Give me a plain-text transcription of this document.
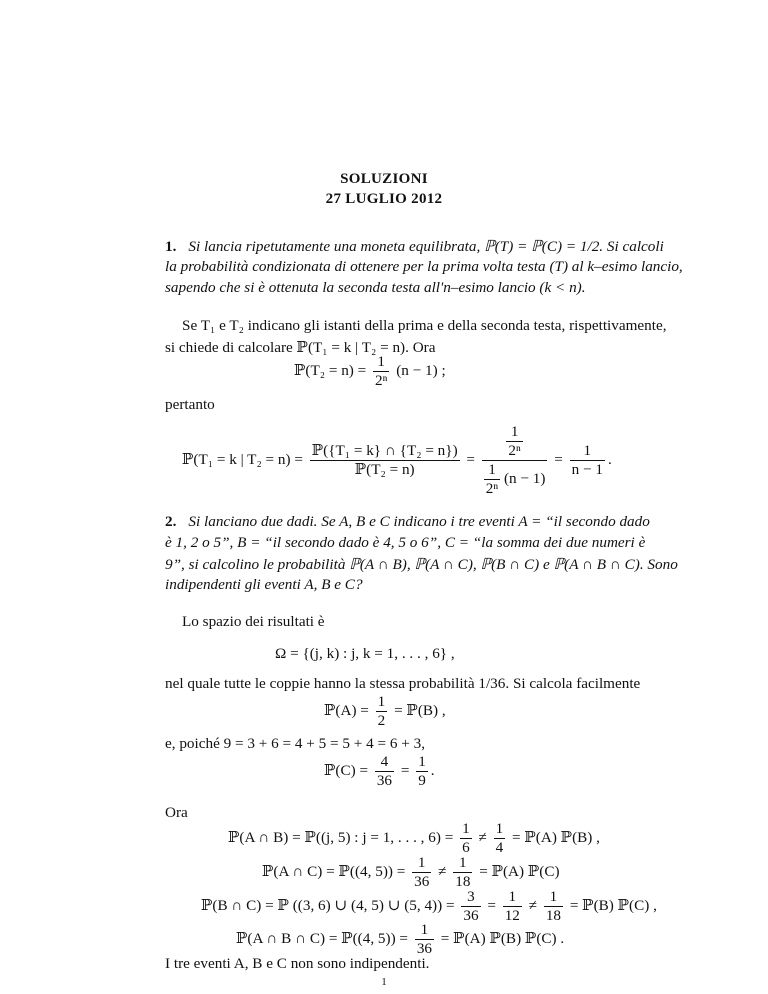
SOLUZIONI
27 LUGLIO 2012
1. Si lancia ripetutamente una moneta equilibrata, ℙ(T) = ℙ(C) = 1/2. Si calcoli
la probabilità condizionata di ottenere per la prima volta testa (T) al k–esimo lancio,
sapendo che si è ottenuta la seconda testa all'n–esimo lancio (k < n).
Se T₁ e T₂ indicano gli istanti della prima e della seconda testa, rispettivamente,
si chiede di calcolare ℙ(T₁ = k | T₂ = n). Ora
ℙ(T₂ = $n) = \frac{1}{\text{2ⁿ}} (n - 1)$ ;
pertanto
ℙ(T₁ = k | $T_2 = n) = \frac{\text{ℙ(\{T₁ = k\} ∩ \{T₂ = n\})}}{\text{ℙ(T₂ = n)}} = \frac{\frac{1}{\text{2ⁿ}}}{\frac{1}{\text{2ⁿ}} (n - 1)} = \frac{1}{n - 1}$ .
2. Si lanciano due dadi. Se A, B e C indicano i tre eventi A = “il secondo dado
è 1, 2 o 5”, B = “il secondo dado è 4, 5 o 6”, C = “la somma dei due numeri è
9”, si calcolino le probabilità ℙ(A ∩ B), ℙ(A ∩ C), ℙ(B ∩ C) e ℙ(A ∩ B ∩ C). Sono
indipendenti gli eventi A, B e C?
Lo spazio dei risultati è
Ω = {(j, k) : j, k = 1, . . . , 6} ,
nel quale tutte le coppie hanno la stessa probabilità 1/36. Si calcola facilmente
ℙ(A) = $\frac{1}{2}$ = ℙ(B) ,
e, poiché 9 = 3 + 6 = 4 + 5 = 5 + 4 = 6 + 3,
ℙ(C) = $\frac{4}{36} = \frac{1}{9}$ .
Ora
ℙ(A ∩ B) = ℙ((j, 5) : j = 1, . . . , $6) = \frac{1}{6} \ne \frac{1}{4}$ = ℙ(A) ℙ(B) ,
ℙ(A ∩ C) = ℙ((4, $5)) = \frac{1}{36} \ne \frac{1}{18}$ = ℙ(A) ℙ(C)
ℙ(B ∩ C) = ℙ ((3, 6) ∪ (4, 5) ∪ (5, $4)) = \frac{3}{36} = \frac{1}{12} \ne \frac{1}{18}$ = ℙ(B) ℙ(C) ,
ℙ(A ∩ B ∩ C) = ℙ((4, $5)) = \frac{1}{36}$ = ℙ(A) ℙ(B) ℙ(C) .
I tre eventi A, B e C non sono indipendenti.
1
